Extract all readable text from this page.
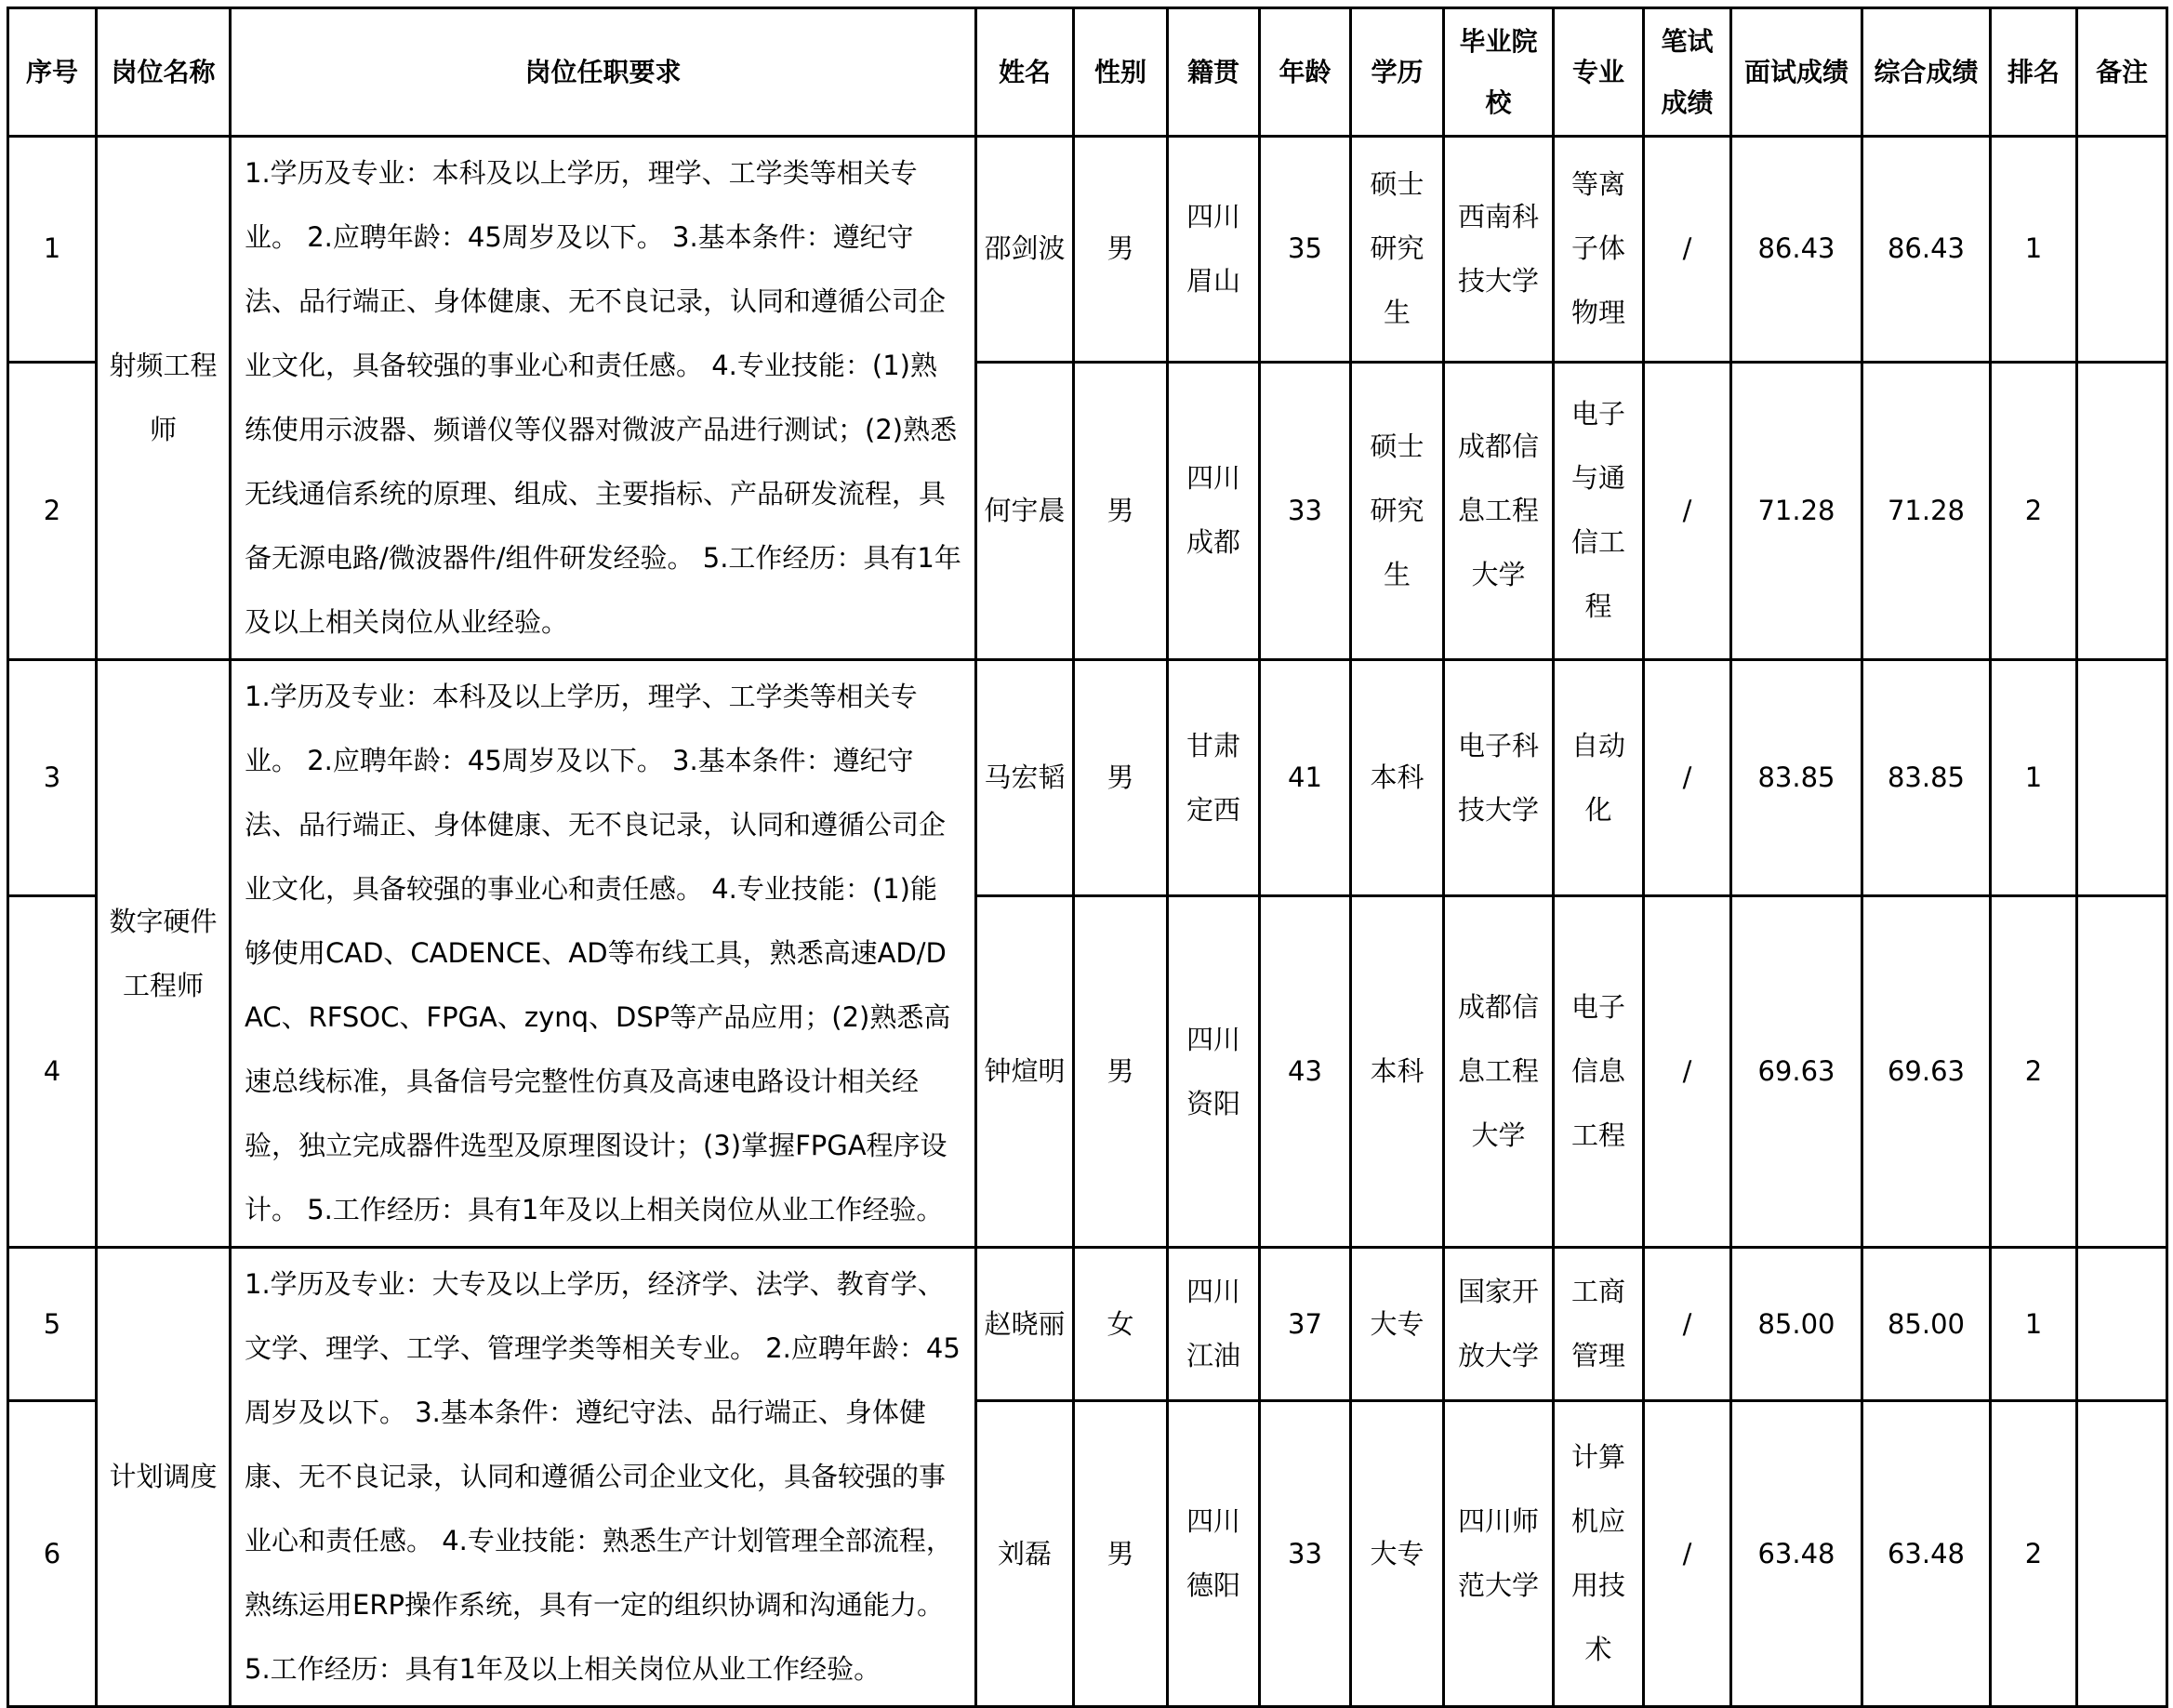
序号	岗位名称	岗位任职要求	姓名	性别	籍贯	年龄	学历	毕业院校	专业	笔试成绩	面试成绩	综合成绩	排名	备注
1	射频工程师	1.学历及专业：本科及以上学历，理学、工学类等相关专业。 2.应聘年龄：45周岁及以下。 3.基本条件：遵纪守法、品行端正、身体健康、无不良记录，认同和遵循公司企业文化，具备较强的事业心和责任感。 4.专业技能：(1)熟练使用示波器、频谱仪等仪器对微波产品进行测试；(2)熟悉无线通信系统的原理、组成、主要指标、产品研发流程，具备无源电路/微波器件/组件研发经验。 5.工作经历：具有1年及以上相关岗位从业经验。	邵剑波	男	四川眉山	35	硕士研究生	西南科技大学	等离子体物理	/	86.43	86.43	1	
2			何宇晨	男	四川成都	33	硕士研究生	成都信息工程大学	电子与通信工程	/	71.28	71.28	2	
3	数字硬件工程师	1.学历及专业：本科及以上学历，理学、工学类等相关专业。 2.应聘年龄：45周岁及以下。 3.基本条件：遵纪守法、品行端正、身体健康、无不良记录，认同和遵循公司企业文化，具备较强的事业心和责任感。 4.专业技能：(1)能够使用CAD、CADENCE、AD等布线工具，熟悉高速AD/DAC、RFSOC、FPGA、zynq、DSP等产品应用；(2)熟悉高速总线标准，具备信号完整性仿真及高速电路设计相关经验，独立完成器件选型及原理图设计；(3)掌握FPGA程序设计。 5.工作经历：具有1年及以上相关岗位从业工作经验。	马宏韬	男	甘肃定西	41	本科	电子科技大学	自动化	/	83.85	83.85	1	
4			钟煊明	男	四川资阳	43	本科	成都信息工程大学	电子信息工程	/	69.63	69.63	2	
5	计划调度	1.学历及专业：大专及以上学历，经济学、法学、教育学、文学、理学、工学、管理学类等相关专业。 2.应聘年龄：45周岁及以下。 3.基本条件：遵纪守法、品行端正、身体健康、无不良记录，认同和遵循公司企业文化，具备较强的事业心和责任感。 4.专业技能：熟悉生产计划管理全部流程，熟练运用ERP操作系统，具有一定的组织协调和沟通能力。 5.工作经历：具有1年及以上相关岗位从业工作经验。	赵晓丽	女	四川江油	37	大专	国家开放大学	工商管理	/	85.00	85.00	1	
6			刘磊	男	四川德阳	33	大专	四川师范大学	计算机应用技术	/	63.48	63.48	2	
